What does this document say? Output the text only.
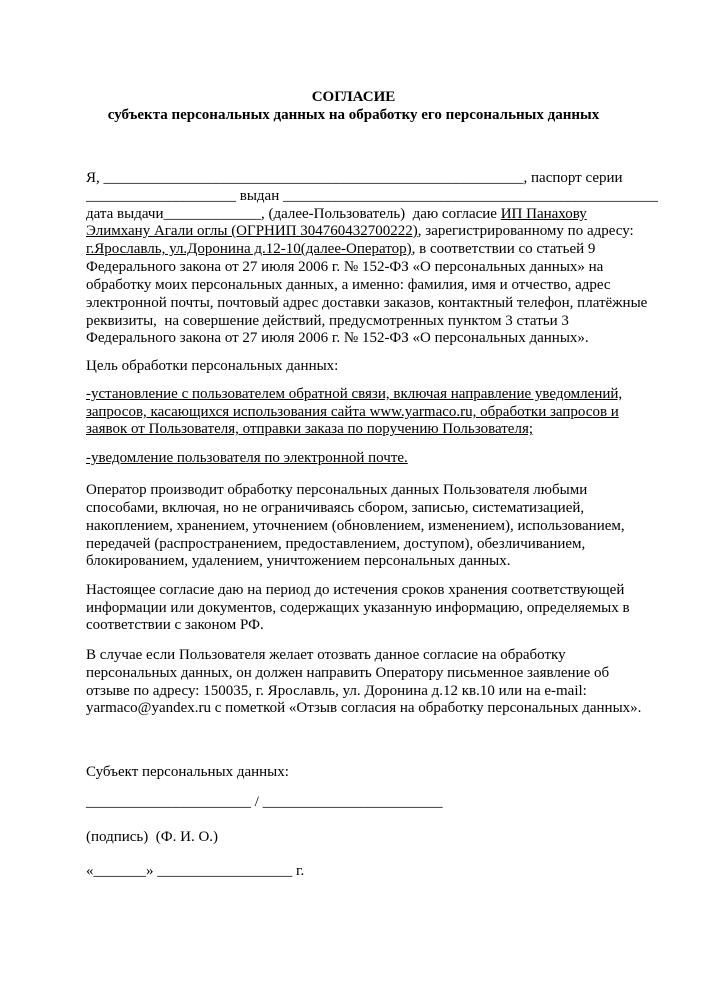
СОГЛАСИЕ
субъекта персональных данных на обработку его персональных данных
Я, ________________________________________________________, паспорт серии
____________________ выдан __________________________________________________
дата выдачи_____________, (далее-Пользователь)  даю согласие ИП Панахову
Элимхану Агали оглы (ОГРНИП 304760432700222), зарегистрированному по адресу:
г.Ярославль, ул.Доронина д.12-10(далее-Оператор), в соответствии со статьей 9
Федерального закона от 27 июля 2006 г. № 152-ФЗ «О персональных данных» на
обработку моих персональных данных, а именно: фамилия, имя и отчество, адрес
электронной почты, почтовый адрес доставки заказов, контактный телефон, платёжные
реквизиты,  на совершение действий, предусмотренных пунктом 3 статьи 3
Федерального закона от 27 июля 2006 г. № 152-ФЗ «О персональных данных».
Цель обработки персональных данных:
-установление с пользователем обратной связи, включая направление уведомлений,
запросов, касающихся использования сайта www.yarmaco.ru, обработки запросов и
заявок от Пользователя, отправки заказа по поручению Пользователя;
-уведомление пользователя по электронной почте.
Оператор производит обработку персональных данных Пользователя любыми
способами, включая, но не ограничиваясь сбором, записью, систематизацией,
накоплением, хранением, уточнением (обновлением, изменением), использованием,
передачей (распространением, предоставлением, доступом), обезличиванием,
блокированием, удалением, уничтожением персональных данных.
Настоящее согласие даю на период до истечения сроков хранения соответствующей
информации или документов, содержащих указанную информацию, определяемых в
соответствии с законом РФ.
В случае если Пользователя желает отозвать данное согласие на обработку
персональных данных, он должен направить Оператору письменное заявление об
отзыве по адресу: 150035, г. Ярославль, ул. Доронина д.12 кв.10 или на e-mail:
yarmaco@yandex.ru с пометкой «Отзыв согласия на обработку персональных данных».
Субъект персональных данных:
______________________ / ________________________
(подпись)  (Ф. И. О.)
«_______» __________________ г.
